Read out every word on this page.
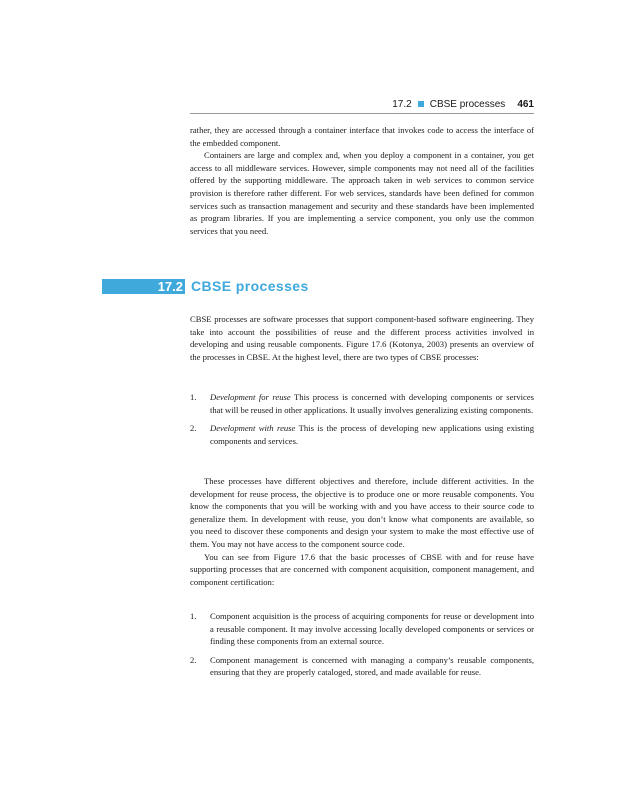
17.2 CBSE processes 461

rather, they are accessed through a container interface that invokes code to access the interface of the embedded component.

Containers are large and complex and, when you deploy a component in a container, you get access to all middleware services. However, simple components may not need all of the facilities offered by the supporting middleware. The approach taken in web services to common service provision is therefore rather different. For web services, standards have been defined for common services such as transaction management and security and these standards have been implemented as program libraries. If you are implementing a service component, you only use the common services that you need.

17.2 CBSE processes

CBSE processes are software processes that support component-based software engineering. They take into account the possibilities of reuse and the different process activities involved in developing and using reusable components. Figure 17.6 (Kotonya, 2003) presents an overview of the processes in CBSE. At the highest level, there are two types of CBSE processes:

1.	Development for reuse This process is concerned with developing components or services that will be reused in other applications. It usually involves generalizing existing components.
2.	Development with reuse This is the process of developing new applications using existing components and services.

These processes have different objectives and therefore, include different activities. In the development for reuse process, the objective is to produce one or more reusable components. You know the components that you will be working with and you have access to their source code to generalize them. In development with reuse, you don’t know what components are available, so you need to discover these components and design your system to make the most effective use of them. You may not have access to the component source code.

You can see from Figure 17.6 that the basic processes of CBSE with and for reuse have supporting processes that are concerned with component acquisition, component management, and component certification:

1.	Component acquisition is the process of acquiring components for reuse or development into a reusable component. It may involve accessing locally developed components or services or finding these components from an external source.
2.	Component management is concerned with managing a company’s reusable components, ensuring that they are properly cataloged, stored, and made available for reuse.
